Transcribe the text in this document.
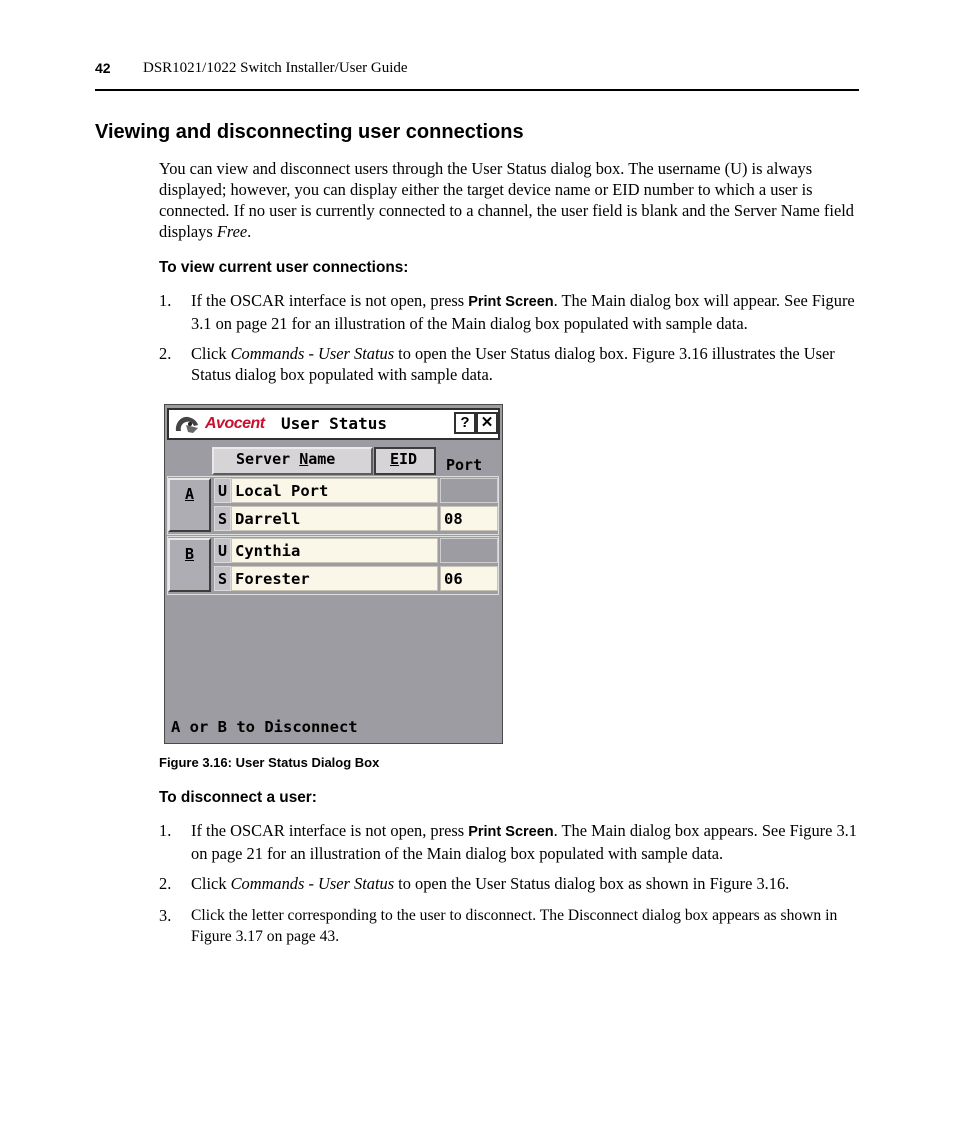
42 DSR1021/1022 Switch Installer/User Guide
Viewing and disconnecting user connections
You can view and disconnect users through the User Status dialog box. The username (U) is always displayed; however, you can display either the target device name or EID number to which a user is connected. If no user is currently connected to a channel, the user field is blank and the Server Name field displays Free.
To view current user connections:
1. If the OSCAR interface is not open, press Print Screen. The Main dialog box will appear. See Figure 3.1 on page 21 for an illustration of the Main dialog box populated with sample data.
2. Click Commands - User Status to open the User Status dialog box. Figure 3.16 illustrates the User Status dialog box populated with sample data.
Avocent User Status	? ✕
Server Name	EID	Port
A	U Local Port
S Darrell	08
B	U Cynthia
S Forester	06
A or B to Disconnect
Figure 3.16: User Status Dialog Box
To disconnect a user:
1. If the OSCAR interface is not open, press Print Screen. The Main dialog box appears. See Figure 3.1 on page 21 for an illustration of the Main dialog box populated with sample data.
2. Click Commands - User Status to open the User Status dialog box as shown in Figure 3.16.
3. Click the letter corresponding to the user to disconnect. The Disconnect dialog box appears as shown in Figure 3.17 on page 43.
